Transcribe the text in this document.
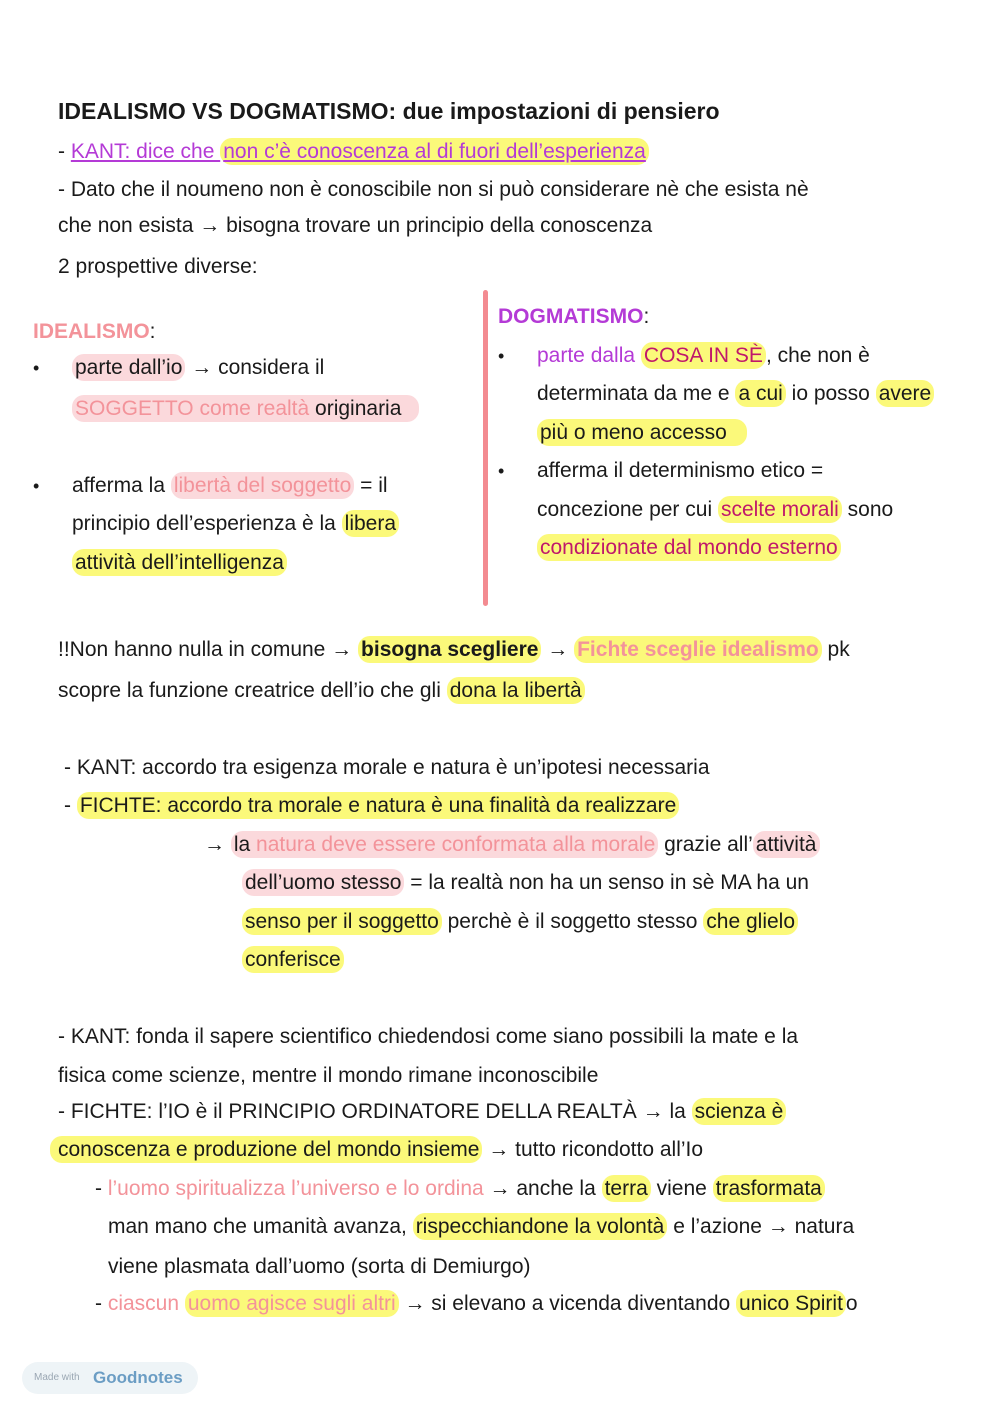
IDEALISMO VS DOGMATISMO: due impostazioni di pensiero
- KANT: dice che non c’è conoscenza al di fuori dell’esperienza
- Dato che il noumeno non è conoscibile non si può considerare nè che esista nè
che non esista → bisogna trovare un principio della conoscenza
2 prospettive diverse:
IDEALISMO:
• parte dall’io → considera il
SOGGETTO come realtà originaria
• afferma la libertà del soggetto = il
principio dell’esperienza è la libera
attività dell’intelligenza
DOGMATISMO:
• parte dalla COSA IN SÈ , che non è
determinata da me e a cui io posso avere
più o meno accesso
• afferma il determinismo etico =
concezione per cui scelte morali sono
condizionate dal mondo esterno
!!Non hanno nulla in comune → bisogna scegliere → Fichte sceglie idealismo pk
scopre la funzione creatrice dell’io che gli dona la libertà
- KANT: accordo tra esigenza morale e natura è un’ipotesi necessaria
- FICHTE: accordo tra morale e natura è una finalità da realizzare
→ la natura deve essere conformata alla morale grazie all’ attività
dell’uomo stesso = la realtà non ha un senso in sè MA ha un
senso per il soggetto perchè è il soggetto stesso che glielo
conferisce
- KANT: fonda il sapere scientifico chiedendosi come siano possibili la mate e la
fisica come scienze, mentre il mondo rimane inconoscibile
- FICHTE: l’IO è il PRINCIPIO ORDINATORE DELLA REALTÀ → la scienza è
conoscenza e produzione del mondo insieme → tutto ricondotto all’Io
- l’uomo spiritualizza l’universo e lo ordina → anche la terra viene trasformata
man mano che umanità avanza, rispecchiandone la volontà e l’azione → natura
viene plasmata dall’uomo (sorta di Demiurgo)
- ciascun uomo agisce sugli altri → si elevano a vicenda diventando unico Spirit o
Made with Goodnotes
